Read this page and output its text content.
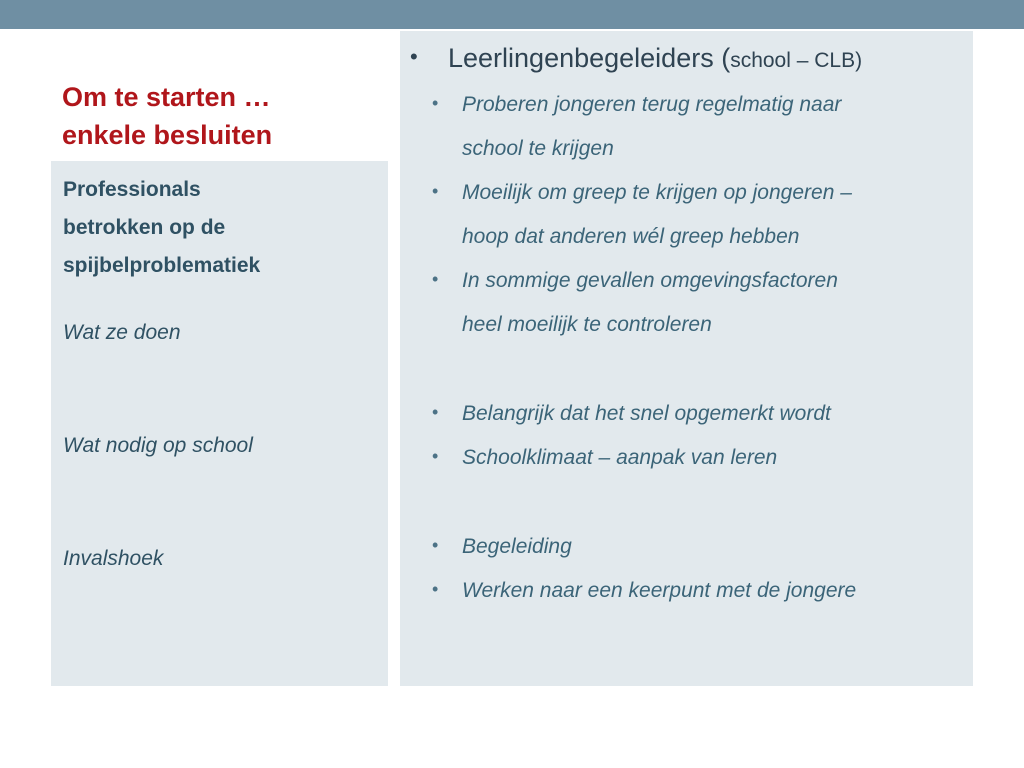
Om te starten …
enkele besluiten
Professionals
betrokken op de
spijbelproblematiek
Wat ze doen
Wat nodig op school
Invalshoek
• Leerlingenbegeleiders (school – CLB)
• Proberen jongeren terug regelmatig naar
school te krijgen
• Moeilijk om greep te krijgen op jongeren –
hoop dat anderen wél greep hebben
• In sommige gevallen omgevingsfactoren
heel moeilijk te controleren
• Belangrijk dat het snel opgemerkt wordt
• Schoolklimaat – aanpak van leren
• Begeleiding
• Werken naar een keerpunt met de jongere
